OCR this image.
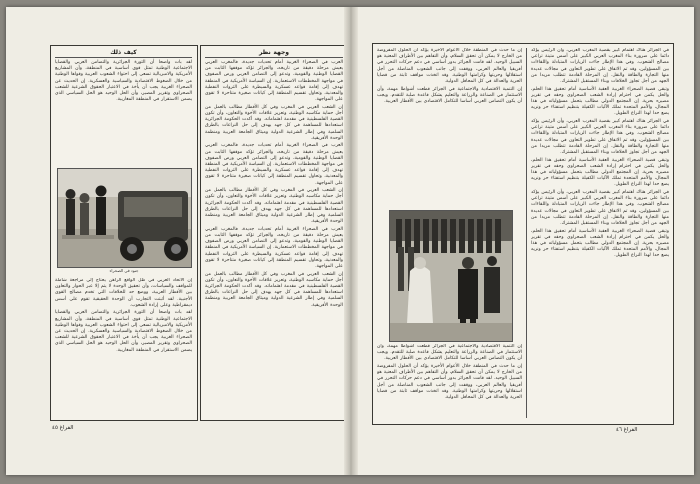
كيف ذلك

لقد بات واضحا أن الثورة الجزائرية والتضامن العربي والقضايا الاجتماعية الوطنية تمثل قوى أساسية في المنطقة، وأن المشاريع الأمريكية والامبريالية تسعى إلى احتواء الشعوب العربية وقواها الوطنية من خلال الضغوط الاقتصادية والسياسية والعسكرية. إن الحديث عن الصحراء الغربية يجب أن يأخذ في الاعتبار الحقوق الشرعية للشعب الصحراوي وتقرير المصير، وأن الحل الوحيد هو الحل السياسي الذي يضمن الاستقرار في المنطقة المغاربية.

جنود في الصحراء

إن الاتحاد العربي في ظل الواقع الراهن يحتاج إلى مراجعة شاملة للمواقف والسياسات، وأن تحقيق الوحدة لا يتم إلا عبر الحوار والتعاون بين الأقطار العربية، ووضع حد للخلافات التي تخدم مصالح القوى الأجنبية. لقد أثبتت التجارب أن الوحدة الحقيقية تقوم على أسس ديمقراطية وعلى إرادة الشعوب.

لقد بات واضحا أن الثورة الجزائرية والتضامن العربي والقضايا الاجتماعية الوطنية تمثل قوى أساسية في المنطقة، وأن المشاريع الأمريكية والامبريالية تسعى إلى احتواء الشعوب العربية وقواها الوطنية من خلال الضغوط الاقتصادية والسياسية والعسكرية. إن الحديث عن الصحراء الغربية يجب أن يأخذ في الاعتبار الحقوق الشرعية للشعب الصحراوي وتقرير المصير، وأن الحل الوحيد هو الحل السياسي الذي يضمن الاستقرار في المنطقة المغاربية.

وجهة نظر

العرب في الصحراء الغربية أمام تحديات جديدة، فالمغرب العربي يعيش مرحلة دقيقة من تاريخه، والجزائر تؤكد موقفها الثابت من القضايا الوطنية والقومية، وتدعو إلى التضامن العربي ورص الصفوف في مواجهة المخططات الاستعمارية. إن السياسة الأمريكية في المنطقة تهدف إلى إقامة قواعد عسكرية والسيطرة على الثروات النفطية والمعدنية، وتحاول تقسيم المنطقة إلى كيانات صغيرة متناحرة لا تقوى على المواجهة.

إن الشعب العربي في المغرب وفي كل الأقطار مطالب بالعمل من أجل حماية مكاسبه الوطنية، وتعزيز علاقات الأخوة والتعاون، وأن تكون القضية الفلسطينية في مقدمة اهتماماته. وقد أكدت الحكومة الجزائرية استعدادها للمساهمة في كل جهد يهدف إلى حل النزاعات بالطرق السلمية وفي إطار الشرعية الدولية وميثاق الجامعة العربية ومنظمة الوحدة الأفريقية.

العرب في الصحراء الغربية أمام تحديات جديدة، فالمغرب العربي يعيش مرحلة دقيقة من تاريخه، والجزائر تؤكد موقفها الثابت من القضايا الوطنية والقومية، وتدعو إلى التضامن العربي ورص الصفوف في مواجهة المخططات الاستعمارية. إن السياسة الأمريكية في المنطقة تهدف إلى إقامة قواعد عسكرية والسيطرة على الثروات النفطية والمعدنية، وتحاول تقسيم المنطقة إلى كيانات صغيرة متناحرة لا تقوى على المواجهة.

إن الشعب العربي في المغرب وفي كل الأقطار مطالب بالعمل من أجل حماية مكاسبه الوطنية، وتعزيز علاقات الأخوة والتعاون، وأن تكون القضية الفلسطينية في مقدمة اهتماماته. وقد أكدت الحكومة الجزائرية استعدادها للمساهمة في كل جهد يهدف إلى حل النزاعات بالطرق السلمية وفي إطار الشرعية الدولية وميثاق الجامعة العربية ومنظمة الوحدة الأفريقية.

العرب في الصحراء الغربية أمام تحديات جديدة، فالمغرب العربي يعيش مرحلة دقيقة من تاريخه، والجزائر تؤكد موقفها الثابت من القضايا الوطنية والقومية، وتدعو إلى التضامن العربي ورص الصفوف في مواجهة المخططات الاستعمارية. إن السياسة الأمريكية في المنطقة تهدف إلى إقامة قواعد عسكرية والسيطرة على الثروات النفطية والمعدنية، وتحاول تقسيم المنطقة إلى كيانات صغيرة متناحرة لا تقوى على المواجهة.

إن الشعب العربي في المغرب وفي كل الأقطار مطالب بالعمل من أجل حماية مكاسبه الوطنية، وتعزيز علاقات الأخوة والتعاون، وأن تكون القضية الفلسطينية في مقدمة اهتماماته. وقد أكدت الحكومة الجزائرية استعدادها للمساهمة في كل جهد يهدف إلى حل النزاعات بالطرق السلمية وفي إطار الشرعية الدولية وميثاق الجامعة العربية ومنظمة الوحدة الأفريقية.

الفراغ ٤٥

في الجزائر هناك اهتمام كبير بقضية المغرب العربي، وأن الرئيس يؤكد دائما على ضرورة بناء المغرب العربي الكبير على أسس متينة تراعي مصالح الشعوب. وفي هذا الإطار جاءت الزيارات المتبادلة واللقاءات بين المسؤولين، وقد تم الاتفاق على تطوير التعاون في مجالات عديدة منها التجارة والطاقة والنقل. إن المرحلة القادمة تتطلب مزيدا من الجهد من أجل تجاوز الخلافات وبناء المستقبل المشترك.

وتبقى قضية الصحراء الغربية العقبة الأساسية أمام تحقيق هذا الحلم، والحل يكمن في احترام إرادة الشعب الصحراوي وحقه في تقرير مصيره بحرية. إن المجتمع الدولي مطالب بتحمل مسؤولياته في هذا المجال، والأمم المتحدة تملك الآليات الكفيلة بتنظيم استفتاء حر ونزيه يضع حدا لهذا النزاع الطويل.

في الجزائر هناك اهتمام كبير بقضية المغرب العربي، وأن الرئيس يؤكد دائما على ضرورة بناء المغرب العربي الكبير على أسس متينة تراعي مصالح الشعوب. وفي هذا الإطار جاءت الزيارات المتبادلة واللقاءات بين المسؤولين، وقد تم الاتفاق على تطوير التعاون في مجالات عديدة منها التجارة والطاقة والنقل. إن المرحلة القادمة تتطلب مزيدا من الجهد من أجل تجاوز الخلافات وبناء المستقبل المشترك.

وتبقى قضية الصحراء الغربية العقبة الأساسية أمام تحقيق هذا الحلم، والحل يكمن في احترام إرادة الشعب الصحراوي وحقه في تقرير مصيره بحرية. إن المجتمع الدولي مطالب بتحمل مسؤولياته في هذا المجال، والأمم المتحدة تملك الآليات الكفيلة بتنظيم استفتاء حر ونزيه يضع حدا لهذا النزاع الطويل.

في الجزائر هناك اهتمام كبير بقضية المغرب العربي، وأن الرئيس يؤكد دائما على ضرورة بناء المغرب العربي الكبير على أسس متينة تراعي مصالح الشعوب. وفي هذا الإطار جاءت الزيارات المتبادلة واللقاءات بين المسؤولين، وقد تم الاتفاق على تطوير التعاون في مجالات عديدة منها التجارة والطاقة والنقل. إن المرحلة القادمة تتطلب مزيدا من الجهد من أجل تجاوز الخلافات وبناء المستقبل المشترك.

وتبقى قضية الصحراء الغربية العقبة الأساسية أمام تحقيق هذا الحلم، والحل يكمن في احترام إرادة الشعب الصحراوي وحقه في تقرير مصيره بحرية. إن المجتمع الدولي مطالب بتحمل مسؤولياته في هذا المجال، والأمم المتحدة تملك الآليات الكفيلة بتنظيم استفتاء حر ونزيه يضع حدا لهذا النزاع الطويل.

إن ما حدث في المنطقة خلال الأعوام الأخيرة يؤكد أن الحلول المفروضة من الخارج لا يمكن أن تحقق السلام، وأن التفاهم بين الأطراف المعنية هو السبيل الوحيد. لقد قامت الجزائر بدور أساسي في دعم حركات التحرر في أفريقيا والعالم العربي، ووقفت إلى جانب الشعوب المناضلة من أجل استقلالها وحريتها وكرامتها الوطنية. وقد اتخذت مواقف ثابتة من قضايا الحرية والعدالة في كل المحافل الدولية.

إن التنمية الاقتصادية والاجتماعية في الجزائر قطعت أشواطا مهمة، وأن الاستثمار في الصناعة والزراعة والتعليم يشكل قاعدة صلبة للتقدم. ويجب أن يكون التضامن العربي أساسا للتكامل الاقتصادي بين الأقطار العربية.

إن التنمية الاقتصادية والاجتماعية في الجزائر قطعت أشواطا مهمة، وأن الاستثمار في الصناعة والزراعة والتعليم يشكل قاعدة صلبة للتقدم. ويجب أن يكون التضامن العربي أساسا للتكامل الاقتصادي بين الأقطار العربية.

إن ما حدث في المنطقة خلال الأعوام الأخيرة يؤكد أن الحلول المفروضة من الخارج لا يمكن أن تحقق السلام، وأن التفاهم بين الأطراف المعنية هو السبيل الوحيد. لقد قامت الجزائر بدور أساسي في دعم حركات التحرر في أفريقيا والعالم العربي، ووقفت إلى جانب الشعوب المناضلة من أجل استقلالها وحريتها وكرامتها الوطنية. وقد اتخذت مواقف ثابتة من قضايا الحرية والعدالة في كل المحافل الدولية.

الفراغ ٤٦
